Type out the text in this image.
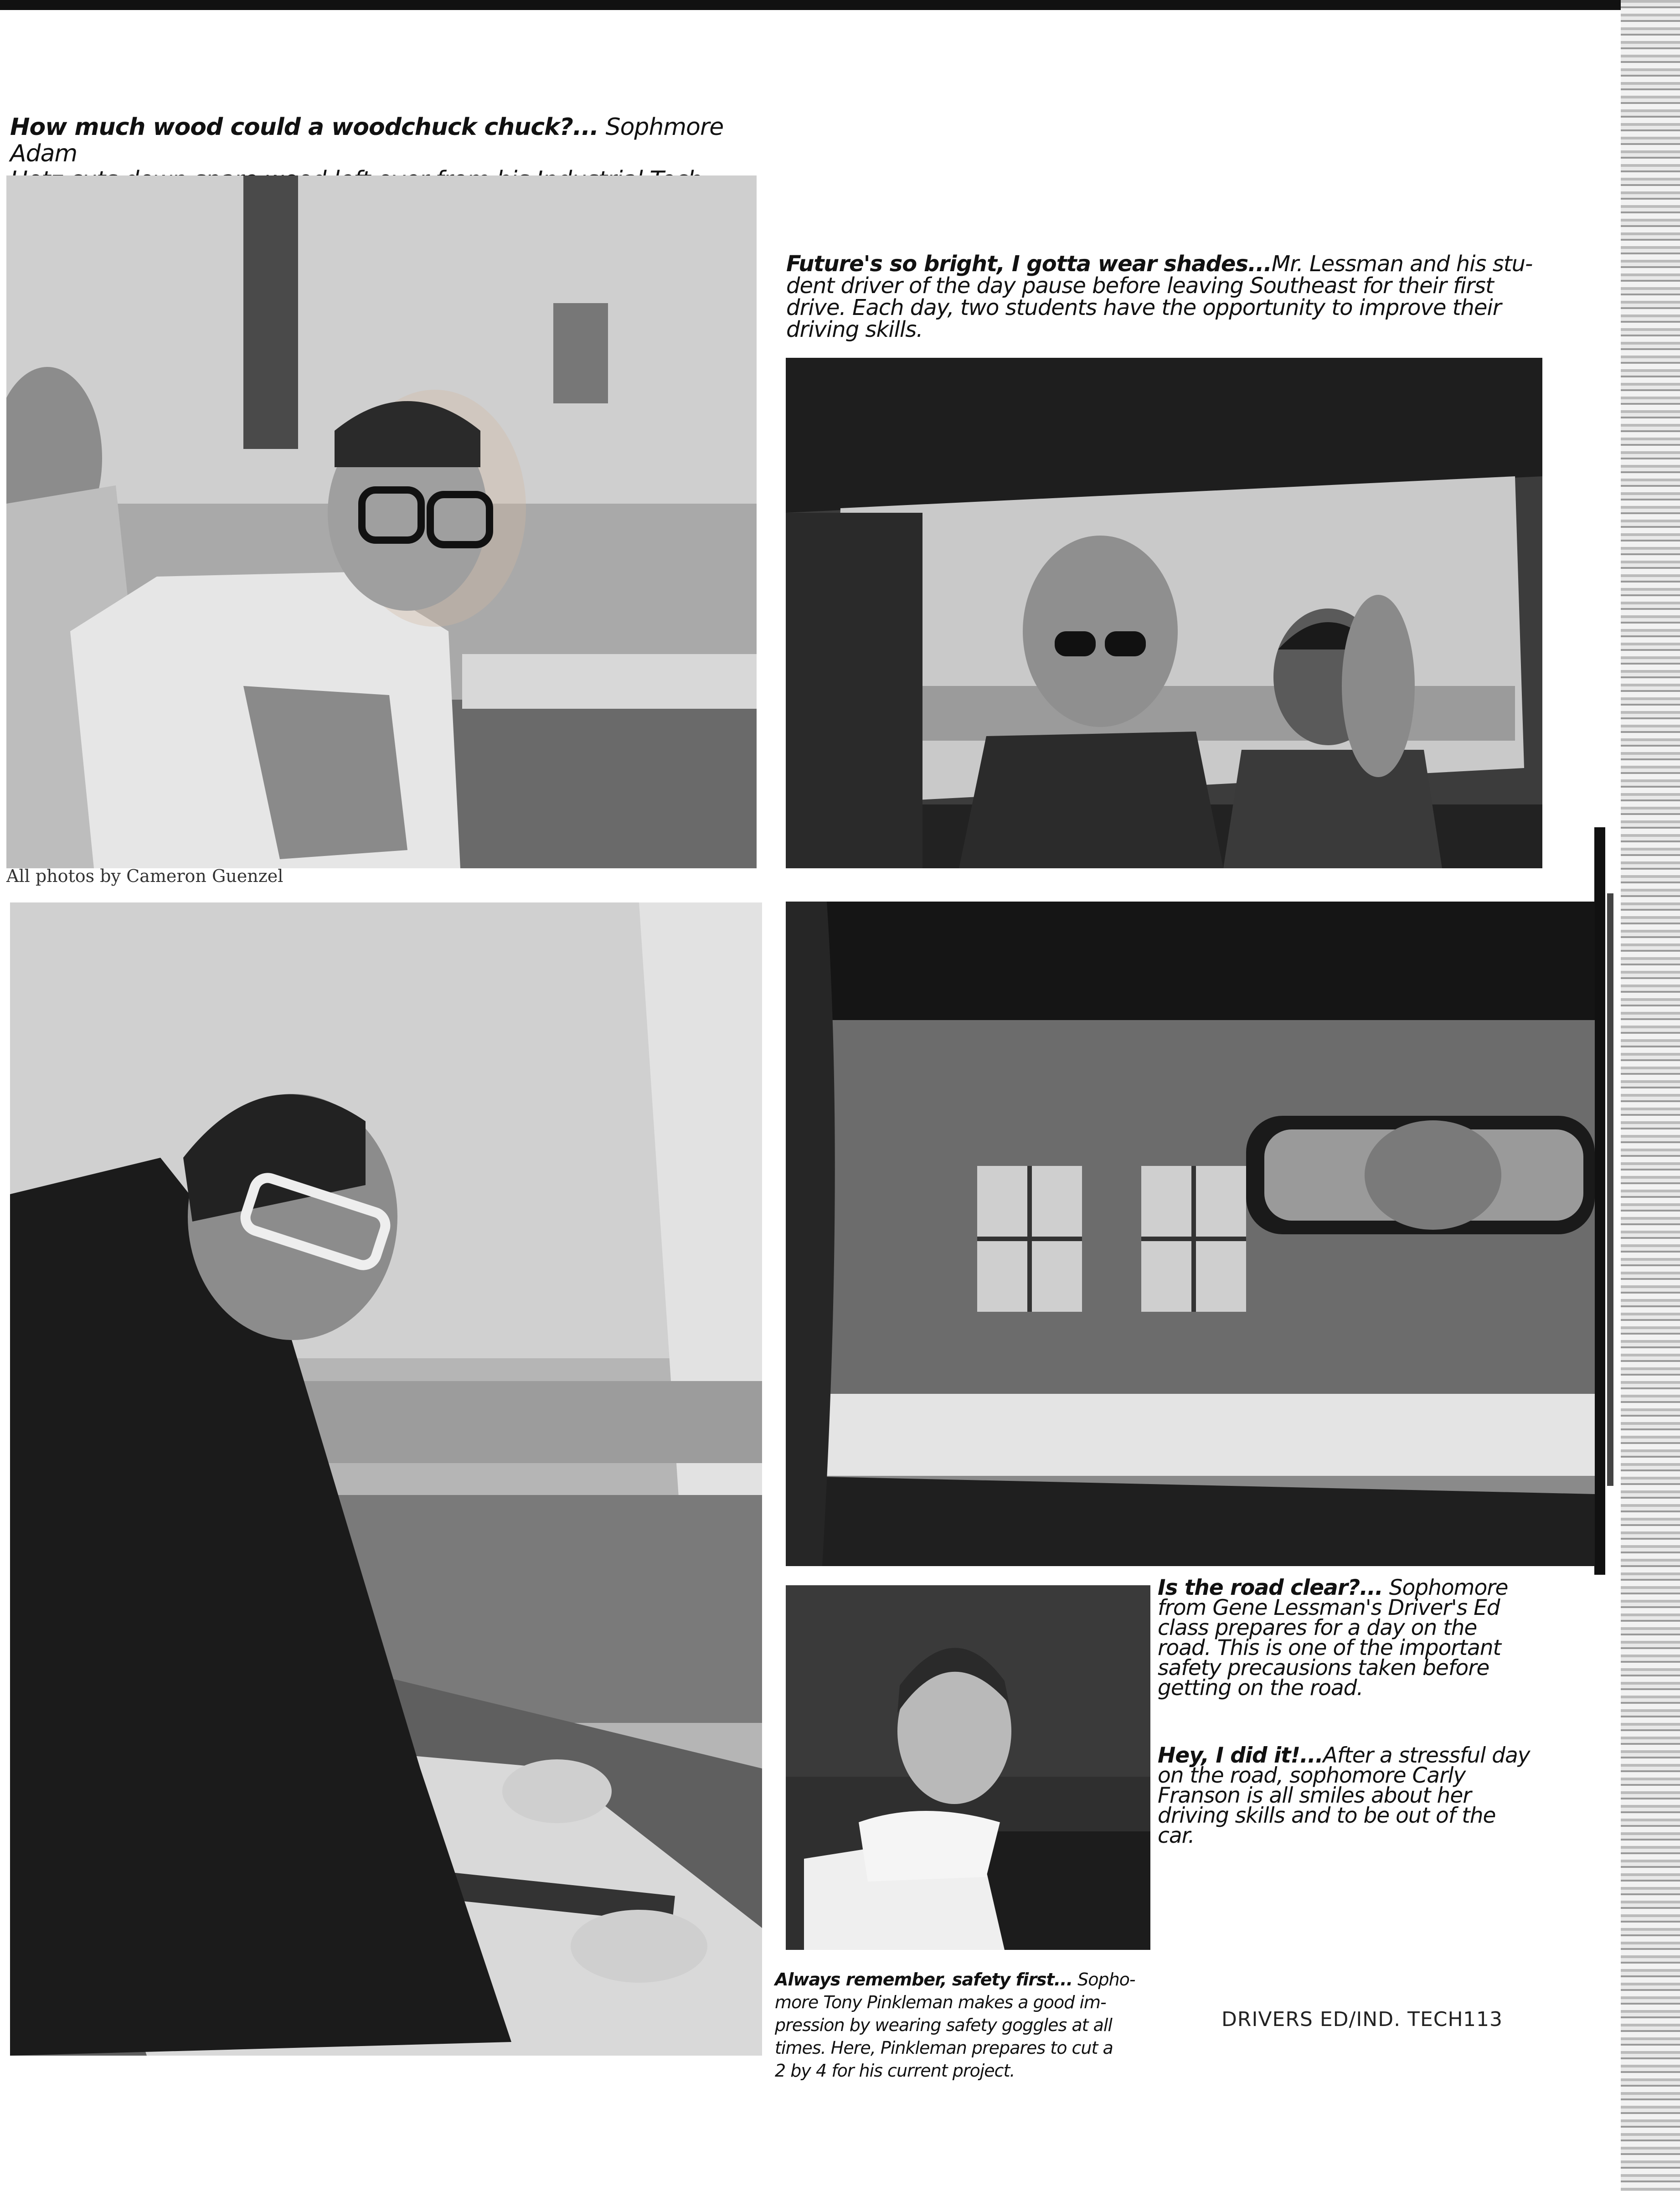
How much wood could a woodchuck chuck?... Sophmore Adam

All photos by Cameron Guenzel
Future's so bright, I gotta wear shades...Mr. Lessman and his stu-
dent driver of the day pause before leaving Southeast for their first
drive. Each day, two students have the opportunity to improve their
driving skills.
Is the road clear?... Sophomore
from Gene Lessman's Driver's Ed
class prepares for a day on the
road. This is one of the important
safety precausions taken before
getting on the road.
Hey, I did it!...After a stressful day
on the road, sophomore Carly
Franson is all smiles about her
driving skills and to be out of the
car.
Always remember, safety first... Sopho-
more Tony Pinkleman makes a good im-
pression by wearing safety goggles at all
times. Here, Pinkleman prepares to cut a
2 by 4 for his current project.
DRIVERS ED/IND. TECH 113
